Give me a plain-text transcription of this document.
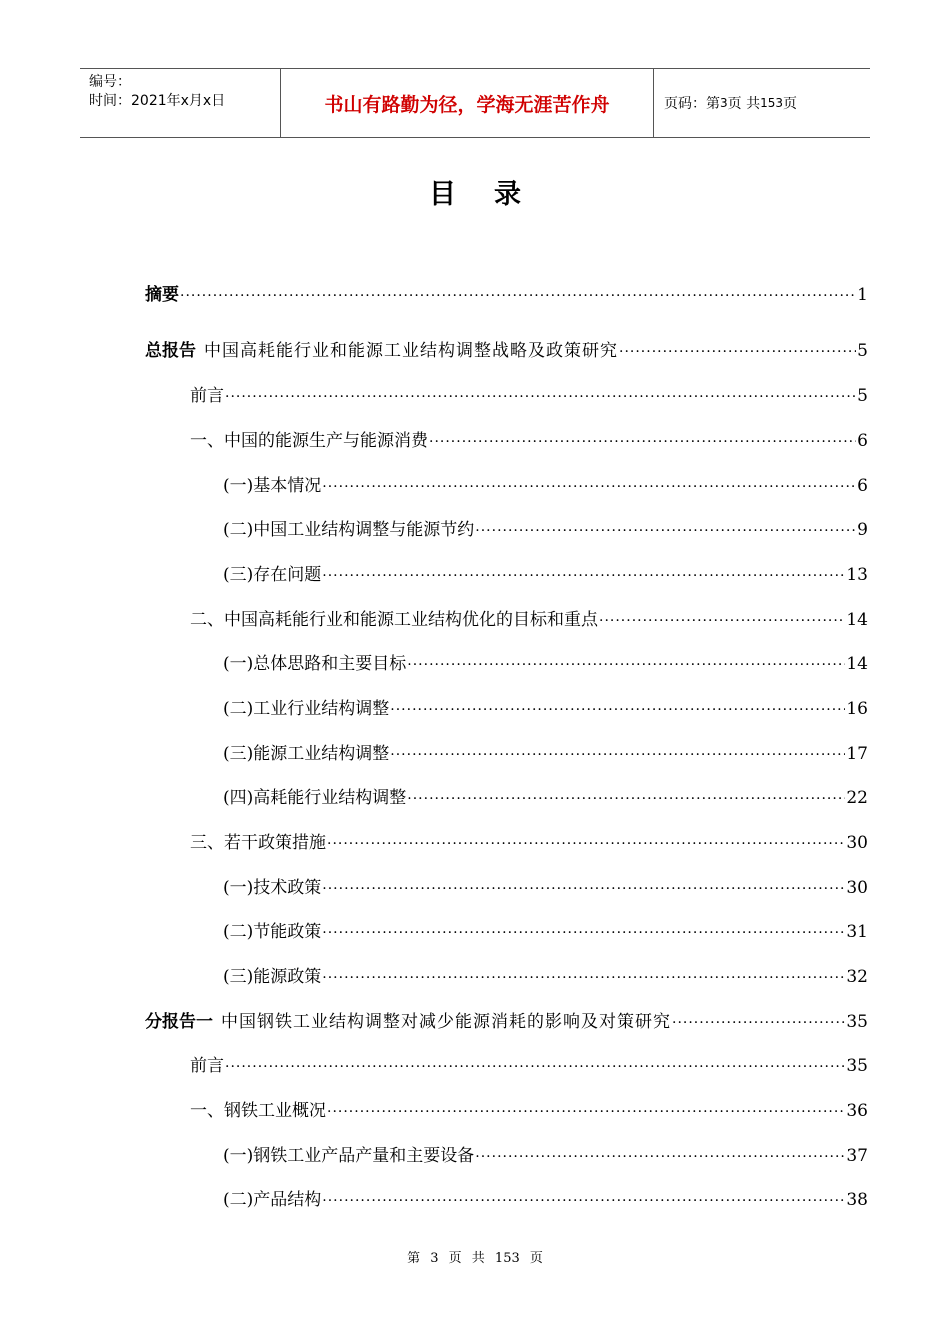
编号：
时间：2021年x月x日	书山有路勤为径，学海无涯苦作舟	页码：第 3 页 共 153 页
目录
摘要 ·····	1
总报告 中国高耗能行业和能源工业结构调整战略及政策研究 ·····	5
前言 ·····	5
一、中国的能源生产与能源消费 ·····	6
(一)基本情况 ·····	6
(二)中国工业结构调整与能源节约 ·····	9
(三)存在问题 ·····	13
二、中国高耗能行业和能源工业结构优化的目标和重点 ·····	14
(一)总体思路和主要目标 ·····	14
(二)工业行业结构调整 ·····	16
(三)能源工业结构调整 ·····	17
(四)高耗能行业结构调整 ·····	22
三、若干政策措施 ·····	30
(一)技术政策 ·····	30
(二)节能政策 ·····	31
(三)能源政策 ·····	32
分报告一 中国钢铁工业结构调整对减少能源消耗的影响及对策研究 ·····	35
前言 ·····	35
一、钢铁工业概况 ·····	36
(一)钢铁工业产品产量和主要设备 ·····	37
(二)产品结构 ·····	38
第 3 页 共 153 页
